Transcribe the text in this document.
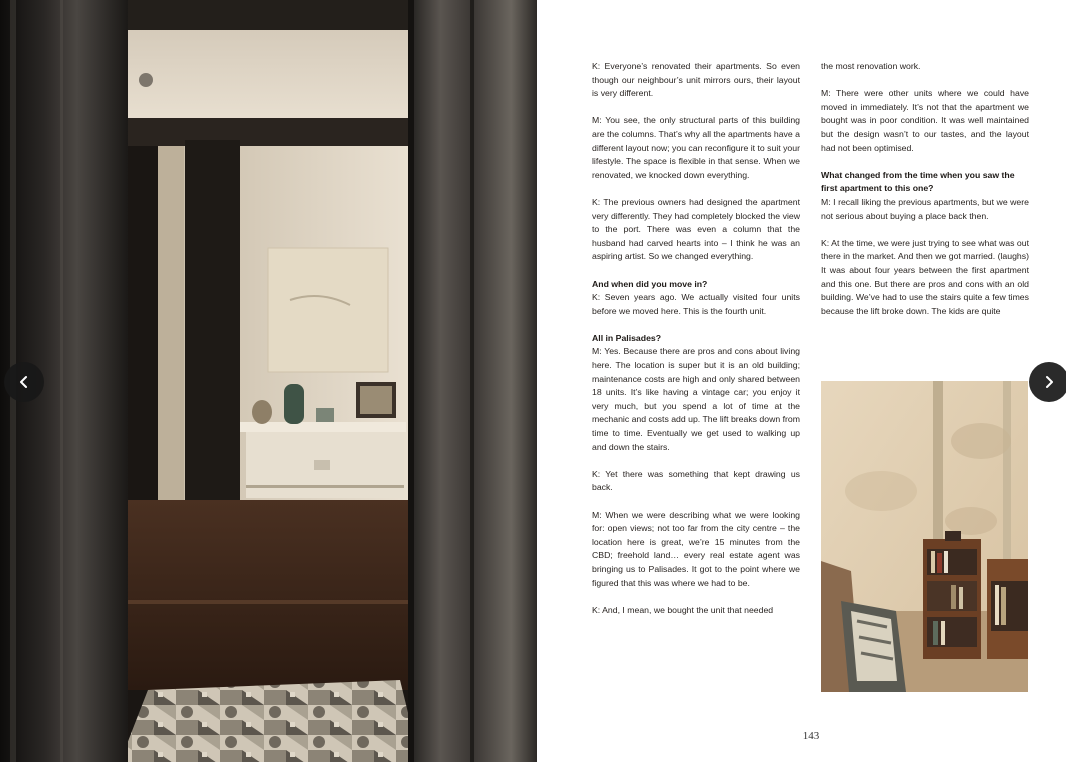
K: Everyone’s renovated their apartments. So even though our neighbour’s unit mirrors ours, their layout is very different.

M: You see, the only structural parts of this building are the columns. That’s why all the apartments have a different layout now; you can reconfigure it to suit your lifestyle. The space is flexible in that sense. When we renovated, we knocked down everything.

K: The previous owners had designed the apartment very differently. They had completely blocked the view to the port. There was even a column that the husband had carved hearts into – I think he was an aspiring artist. So we changed everything.

And when did you move in?

K: Seven years ago. We actually visited four units before we moved here. This is the fourth unit.

All in Palisades?

M: Yes. Because there are pros and cons about living here. The location is super but it is an old building; maintenance costs are high and only shared between 18 units. It’s like having a vintage car; you enjoy it very much, but you spend a lot of time at the mechanic and costs add up. The lift breaks down from time to time. Eventually we get used to walking up and down the stairs.

K: Yet there was something that kept drawing us back.

M: When we were describing what we were looking for: open views; not too far from the city centre – the location here is great, we’re 15 minutes from the CBD; freehold land… every real estate agent was bringing us to Palisades. It got to the point where we figured that this was where we had to be.

K: And, I mean, we bought the unit that needed

the most renovation work.

M: There were other units where we could have moved in immediately. It’s not that the apartment we bought was in poor condition. It was well maintained but the design wasn’t to our tastes, and the layout had not been optimised.

What changed from the time when you saw the first apartment to this one?

M: I recall liking the previous apartments, but we were not serious about buying a place back then.

K: At the time, we were just trying to see what was out there in the market. And then we got married. (laughs) It was about four years between the first apartment and this one. But there are pros and cons with an old building. We’ve had to use the stairs quite a few times because the lift broke down. The kids are quite

143
